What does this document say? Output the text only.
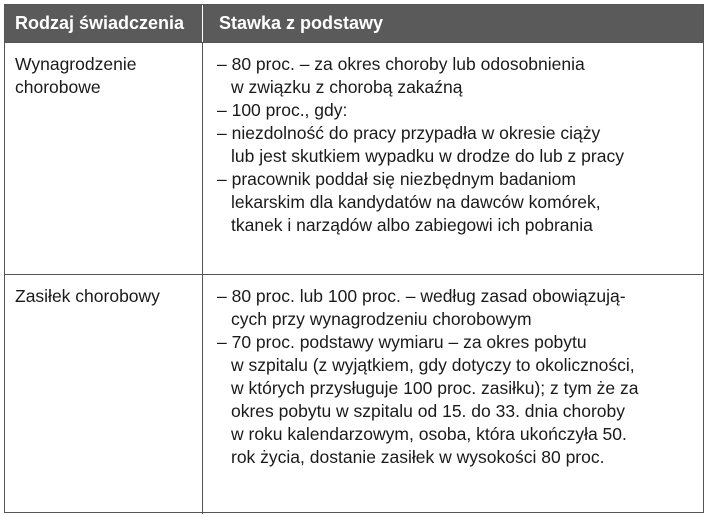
Rodzaj świadczenia	Stawka z podstawy
Wynagrodzenie
chorobowe
– 80 proc. – za okres choroby lub odosobnienia
w związku z chorobą zakaźną
– 100 proc., gdy:
– niezdolność do pracy przypadła w okresie ciąży
lub jest skutkiem wypadku w drodze do lub z pracy
– pracownik poddał się niezbędnym badaniom
lekarskim dla kandydatów na dawców komórek,
tkanek i narządów albo zabiegowi ich pobrania
Zasiłek chorobowy	– 80 proc. lub 100 proc. – według zasad obowiązują-
cych przy wynagrodzeniu chorobowym
– 70 proc. podstawy wymiaru – za okres pobytu
w szpitalu (z wyjątkiem, gdy dotyczy to okoliczności,
w których przysługuje 100 proc. zasiłku); z tym że za
okres pobytu w szpitalu od 15. do 33. dnia choroby
w roku kalendarzowym, osoba, która ukończyła 50.
rok życia, dostanie zasiłek w wysokości 80 proc.
